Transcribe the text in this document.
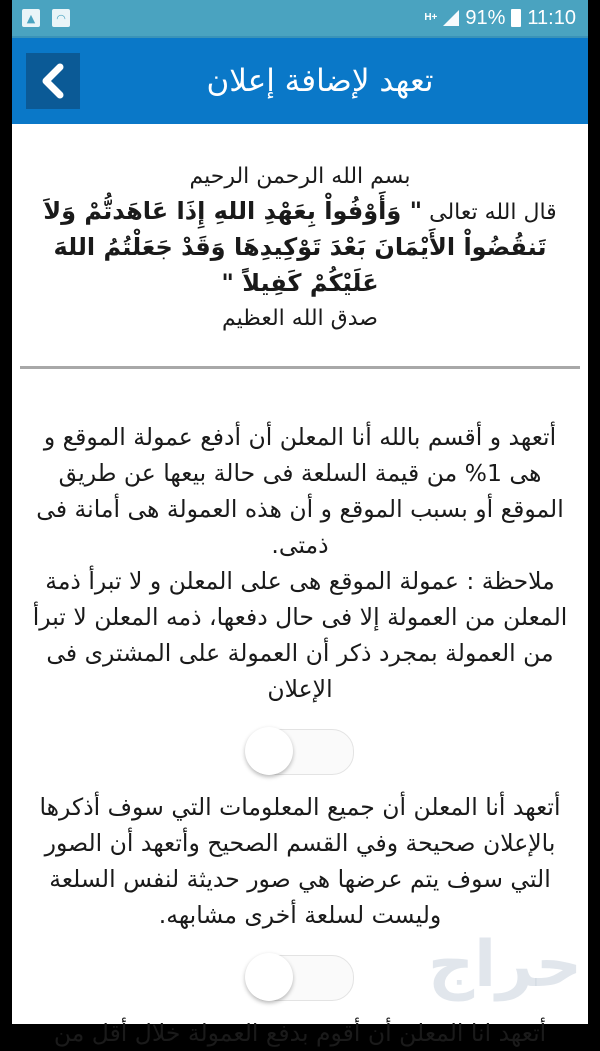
▲	◠	H+ 91% 11:10
تعهد لإضافة إعلان
بسم الله الرحمن الرحيم
قال الله تعالى " وَأَوْفُواْ بِعَهْدِ اللهِ إِذَا عَاهَدتُّمْ وَلاَ تَنقُضُواْ الأَيْمَانَ بَعْدَ تَوْكِيدِهَا وَقَدْ جَعَلْتُمُ اللهَ عَلَيْكُمْ كَفِيلاً "
صدق الله العظيم
أتعهد و أقسم بالله أنا المعلن أن أدفع عمولة الموقع و هى 1% من قيمة السلعة فى حالة بيعها عن طريق الموقع أو بسبب الموقع و أن هذه العمولة هى أمانة فى ذمتى.
ملاحظة : عمولة الموقع هى على المعلن و لا تبرأ ذمة المعلن من العمولة إلا فى حال دفعها، ذمه المعلن لا تبرأ من العمولة بمجرد ذكر أن العمولة على المشترى فى الإعلان
أتعهد أنا المعلن أن جميع المعلومات التي سوف أذكرها بالإعلان صحيحة وفي القسم الصحيح وأتعهد أن الصور التي سوف يتم عرضها هي صور حديثة لنفس السلعة وليست لسلعة أخرى مشابهه.
أتعهد انا المعلن أن أقوم بدفع العمولة خلال أقل من
حراج
